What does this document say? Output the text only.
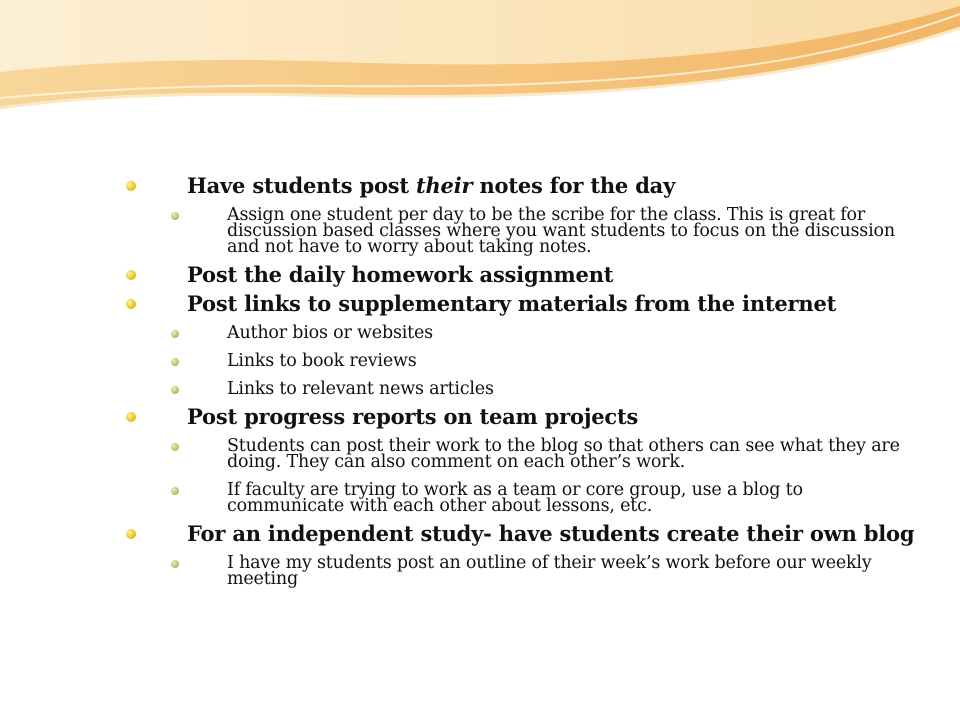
Have students post their notes for the day
Assign one student per day to be the scribe for the class. This is great for discussion based classes where you want students to focus on the discussion and not have to worry about taking notes.
Post the daily homework assignment
Post links to supplementary materials from the internet
Author bios or websites
Links to book reviews
Links to relevant news articles
Post progress reports on team projects
Students can post their work to the blog so that others can see what they are doing. They can also comment on each other’s work.
If faculty are trying to work as a team or core group, use a blog to communicate with each other about lessons, etc.
For an independent study- have students create their own blog
I have my students post an outline of their week’s work before our weekly meeting
